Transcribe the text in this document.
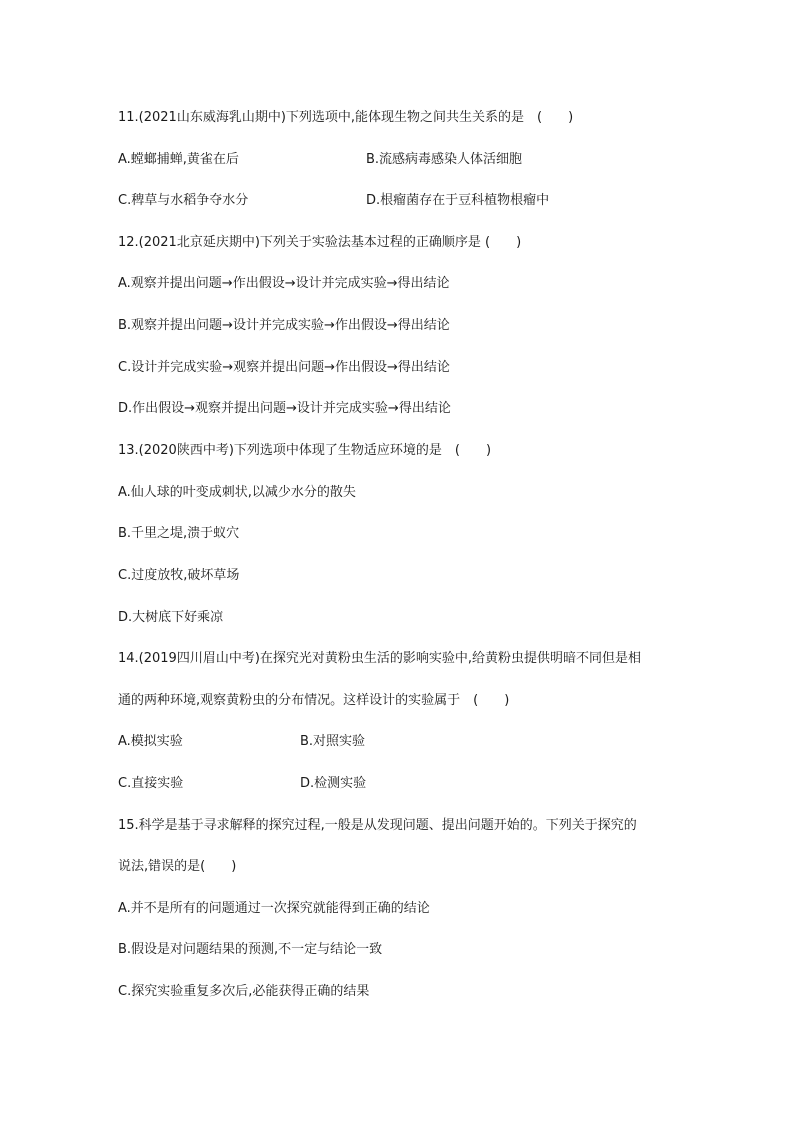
11.(2021山东威海乳山期中)下列选项中,能体现生物之间共生关系的是　(　　)
A.螳螂捕蝉,黄雀在后	B.流感病毒感染人体活细胞
C.稗草与水稻争夺水分	D.根瘤菌存在于豆科植物根瘤中
12.(2021北京延庆期中)下列关于实验法基本过程的正确顺序是 (　　)
A.观察并提出问题→作出假设→设计并完成实验→得出结论
B.观察并提出问题→设计并完成实验→作出假设→得出结论
C.设计并完成实验→观察并提出问题→作出假设→得出结论
D.作出假设→观察并提出问题→设计并完成实验→得出结论
13.(2020陕西中考)下列选项中体现了生物适应环境的是　(　　)
A.仙人球的叶变成刺状,以减少水分的散失
B.千里之堤,溃于蚁穴
C.过度放牧,破坏草场
D.大树底下好乘凉
14.(2019四川眉山中考)在探究光对黄粉虫生活的影响实验中,给黄粉虫提供明暗不同但是相
通的两种环境,观察黄粉虫的分布情况。这样设计的实验属于　(　　)
A.模拟实验	B.对照实验
C.直接实验	D.检测实验
15.科学是基于寻求解释的探究过程,一般是从发现问题、提出问题开始的。下列关于探究的
说法,错误的是(　　)
A.并不是所有的问题通过一次探究就能得到正确的结论
B.假设是对问题结果的预测,不一定与结论一致
C.探究实验重复多次后,必能获得正确的结果
